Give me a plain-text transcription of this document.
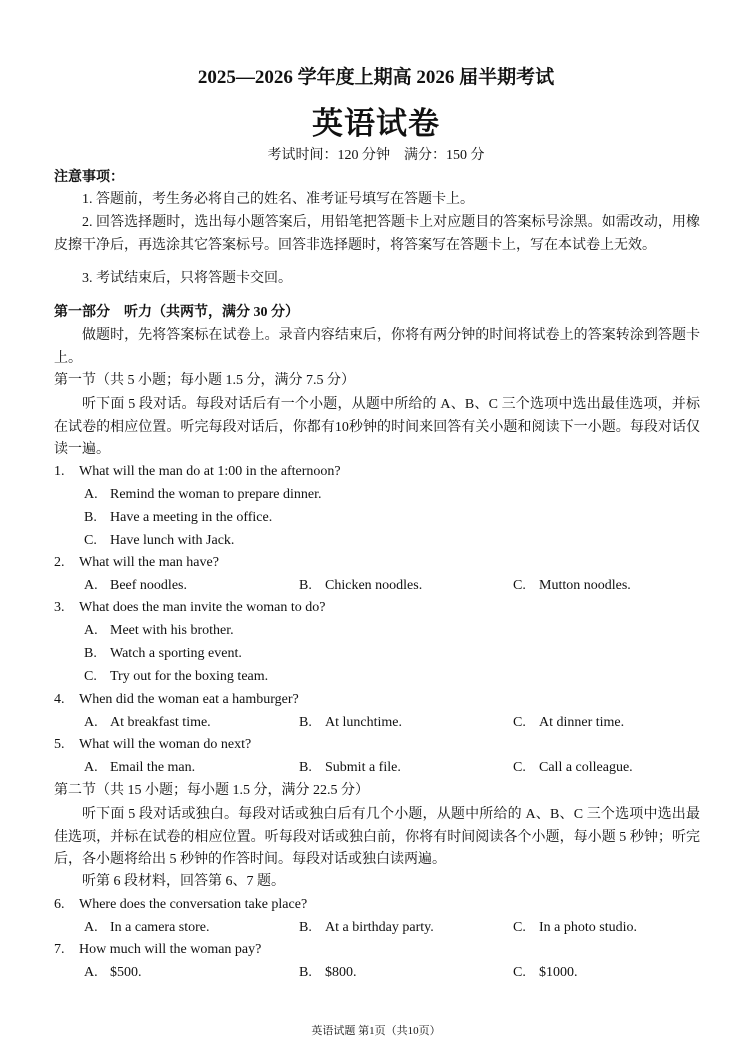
2025—2026 学年度上期高 2026 届半期考试
英语试卷
考试时间：120 分钟 满分：150 分
注意事项：
1. 答题前，考生务必将自己的姓名、准考证号填写在答题卡上。
2. 回答选择题时，选出每小题答案后，用铅笔把答题卡上对应题目的答案标号涂黑。如需改动，用橡皮擦干净后，再选涂其它答案标号。回答非选择题时，将答案写在答题卡上，写在本试卷上无效。
3. 考试结束后，只将答题卡交回。
第一部分　听力（共两节，满分 30 分）
做题时，先将答案标在试卷上。录音内容结束后，你将有两分钟的时间将试卷上的答案转涂到答题卡上。
第一节（共 5 小题；每小题 1.5 分，满分 7.5 分）
听下面 5 段对话。每段对话后有一个小题，从题中所给的 A、B、C 三个选项中选出最佳选项，并标在试卷的相应位置。听完每段对话后，你都有10秒钟的时间来回答有关小题和阅读下一小题。每段对话仅读一遍。
1. What will the man do at 1:00 in the afternoon?
A. Remind the woman to prepare dinner.
B. Have a meeting in the office.
C. Have lunch with Jack.
2. What will the man have?
A. Beef noodles.	B. Chicken noodles.	C. Mutton noodles.
3. What does the man invite the woman to do?
A. Meet with his brother.
B. Watch a sporting event.
C. Try out for the boxing team.
4. When did the woman eat a hamburger?
A. At breakfast time.	B. At lunchtime.	C. At dinner time.
5. What will the woman do next?
A. Email the man.	B. Submit a file.	C. Call a colleague.
第二节（共 15 小题；每小题 1.5 分，满分 22.5 分）
听下面 5 段对话或独白。每段对话或独白后有几个小题，从题中所给的 A、B、C 三个选项中选出最佳选项，并标在试卷的相应位置。听每段对话或独白前，你将有时间阅读各个小题，每小题 5 秒钟；听完后，各小题将给出 5 秒钟的作答时间。每段对话或独白读两遍。
听第 6 段材料，回答第 6、7 题。
6. Where does the conversation take place?
A. In a camera store.	B. At a birthday party.	C. In a photo studio.
7. How much will the woman pay?
A. $500.	B. $800.	C. $1000.
英语试题 第1页（共10页）
